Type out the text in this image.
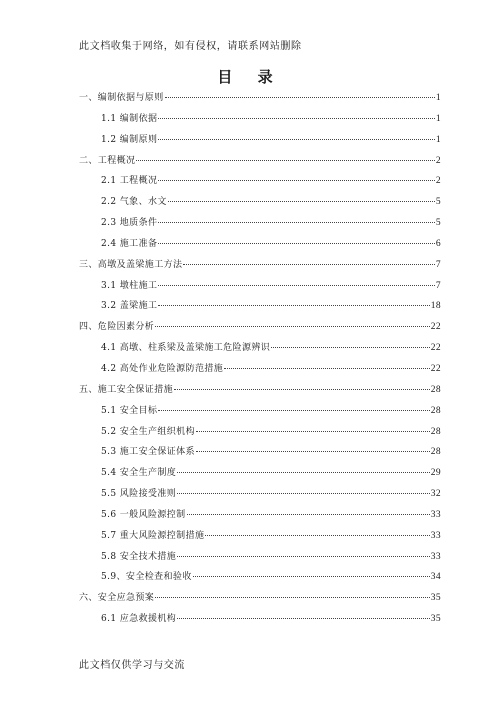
此文档收集于网络，如有侵权，请联系网站删除
目 录
一、编制依据与原则	1
1.1 编制依据	1
1.2 编制原则	1
二、工程概况	2
2.1 工程概况	2
2.2 气象、水文	5
2.3 地质条件	5
2.4 施工准备	6
三、高墩及盖梁施工方法	7
3.1 墩柱施工	7
3.2 盖梁施工	18
四、危险因素分析	22
4.1 高墩、柱系梁及盖梁施工危险源辨识	22
4.2 高处作业危险源防范措施	22
五、施工安全保证措施	28
5.1 安全目标	28
5.2 安全生产组织机构	28
5.3 施工安全保证体系	28
5.4 安全生产制度	29
5.5 风险接受准则	32
5.6 一般风险源控制	33
5.7 重大风险源控制措施	33
5.8 安全技术措施	33
5.9、安全检查和验收	34
六、安全应急预案	35
6.1 应急救援机构	35
此文档仅供学习与交流
